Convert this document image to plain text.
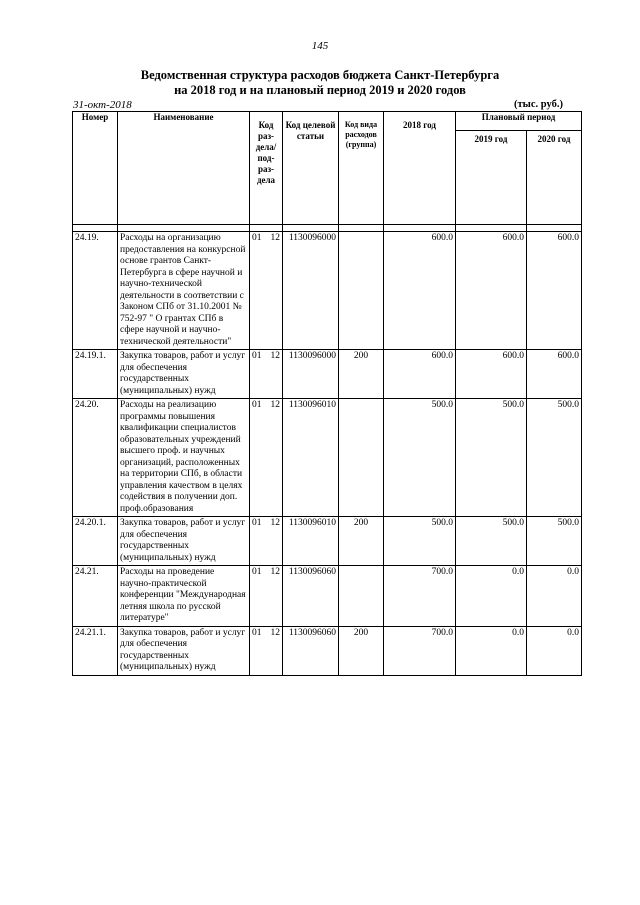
145
Ведомственная структура расходов бюджета Санкт-Петербурга
на 2018 год и на плановый период 2019 и 2020 годов
31-окт-2018	(тыс. руб.)
Номер	Наименование	Код раз- дела/ под- раз- дела	Код целевой статьи	Код вида расходов (группа)	2018 год	Плановый период	
						2019 год	2020 год

24.19.	Расходы на организацию предоставления на конкурсной основе грантов Санкт-Петербурга в сфере научной и научно-технической деятельности в соответствии с Законом СПб от 31.10.2001 № 752-97 " О грантах СПб в сфере научной и научно-технической деятельности"	01 12	1130096000		600.0	600.0	600.0
24.19.1.	Закупка товаров, работ и услуг для обеспечения государственных (муниципальных) нужд	01 12	1130096000	200	600.0	600.0	600.0
24.20.	Расходы на реализацию программы повышения квалификации специалистов образовательных учреждений высшего проф. и научных организаций, расположенных на территории СПб, в области управления качеством в целях содействия в получении доп. проф.образования	01 12	1130096010		500.0	500.0	500.0
24.20.1.	Закупка товаров, работ и услуг для обеспечения государственных (муниципальных) нужд	01 12	1130096010	200	500.0	500.0	500.0
24.21.	Расходы на проведение научно-практической конференции "Международная летняя школа по русской литературе"	01 12	1130096060		700.0	0.0	0.0
24.21.1.	Закупка товаров, работ и услуг для обеспечения государственных (муниципальных) нужд	01 12	1130096060	200	700.0	0.0	0.0
